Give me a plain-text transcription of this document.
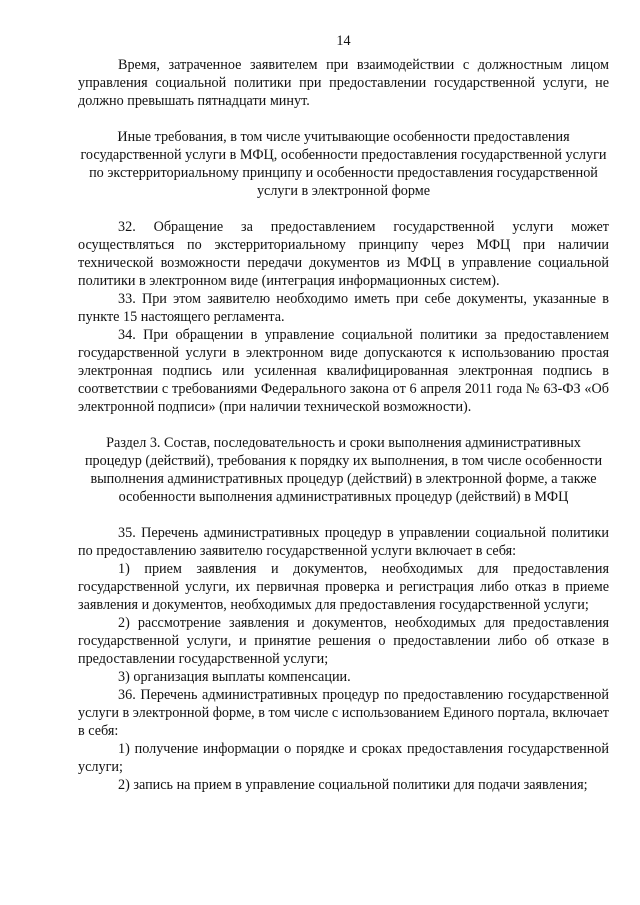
14

Время, затраченное заявителем при взаимодействии с должностным лицом управления социальной политики при предоставлении государственной услуги, не должно превышать пятнадцати минут.

Иные требования, в том числе учитывающие особенности предоставления государственной услуги в МФЦ, особенности предоставления государственной услуги по экстерриториальному принципу и особенности предоставления государственной услуги в электронной форме

32. Обращение за предоставлением государственной услуги может осуществляться по экстерриториальному принципу через МФЦ при наличии технической возможности передачи документов из МФЦ в управление социальной политики в электронном виде (интеграция информационных систем).

33. При этом заявителю необходимо иметь при себе документы, указанные в пункте 15 настоящего регламента.

34. При обращении в управление социальной политики за предоставлением государственной услуги в электронном виде допускаются к использованию простая электронная подпись или усиленная квалифицированная электронная подпись в соответствии с требованиями Федерального закона от 6 апреля 2011 года № 63-ФЗ «Об электронной подписи» (при наличии технической возможности).

Раздел 3. Состав, последовательность и сроки выполнения административных процедур (действий), требования к порядку их выполнения, в том числе особенности выполнения административных процедур (действий) в электронной форме, а также особенности выполнения административных процедур (действий) в МФЦ

35. Перечень административных процедур в управлении социальной политики по предоставлению заявителю государственной услуги включает в себя:

1) прием заявления и документов, необходимых для предоставления государственной услуги, их первичная проверка и регистрация либо отказ в приеме заявления и документов, необходимых для предоставления государственной услуги;

2) рассмотрение заявления и документов, необходимых для предоставления государственной услуги, и принятие решения о предоставлении либо об отказе в предоставлении государственной услуги;

3) организация выплаты компенсации.

36. Перечень административных процедур по предоставлению государственной услуги в электронной форме, в том числе с использованием Единого портала, включает в себя:

1) получение информации о порядке и сроках предоставления государственной услуги;

2) запись на прием в управление социальной политики для подачи заявления;
